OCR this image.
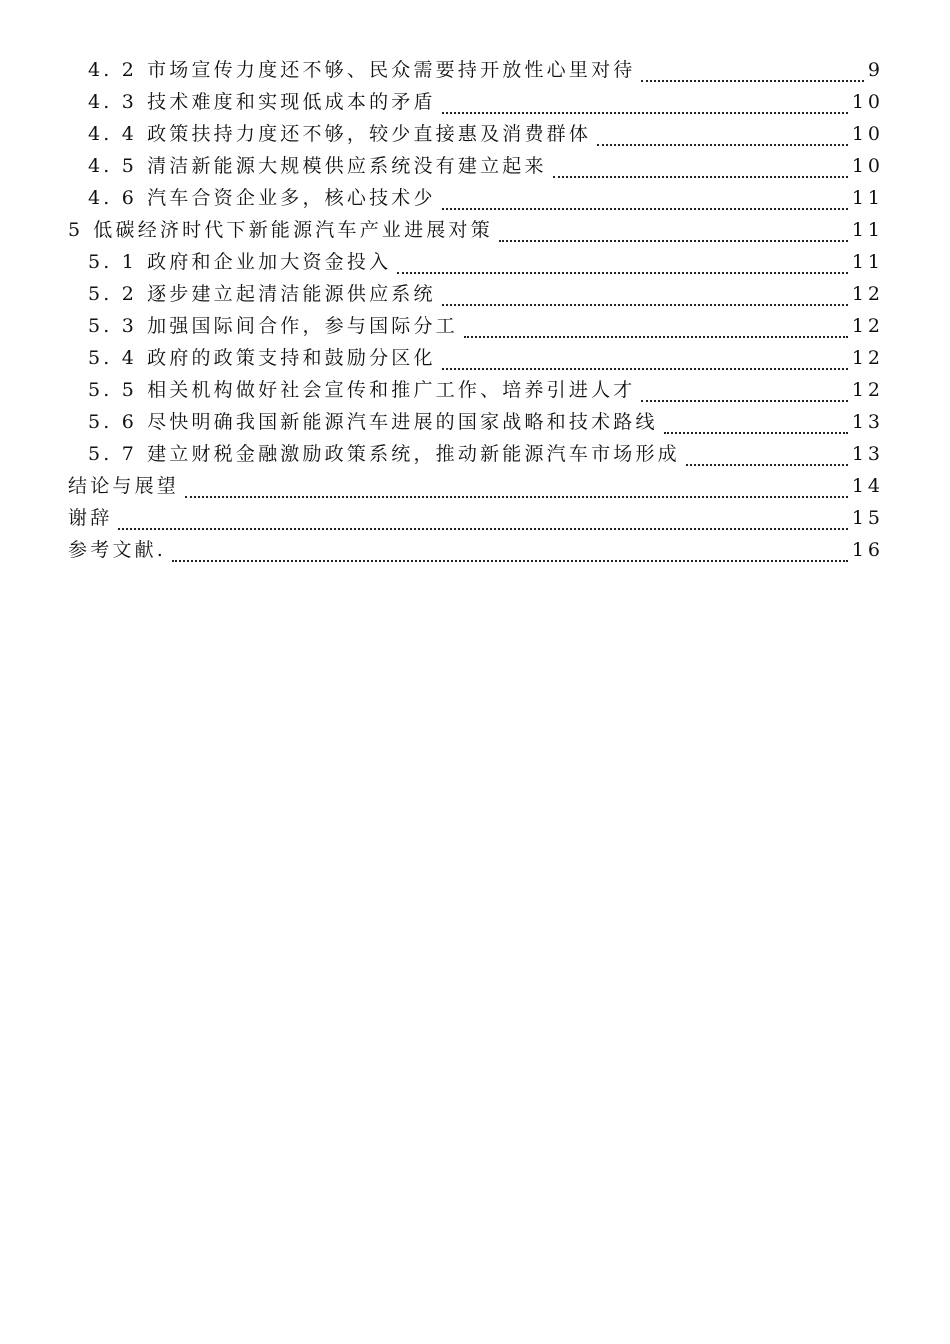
4. 2 市场宣传力度还不够、民众需要持开放性心里对待	9
4. 3 技术难度和实现低成本的矛盾	10
4. 4 政策扶持力度还不够，较少直接惠及消费群体	10
4. 5 清洁新能源大规模供应系统没有建立起来	10
4. 6 汽车合资企业多，核心技术少	11
5 低碳经济时代下新能源汽车产业进展对策	11
5. 1 政府和企业加大资金投入	11
5. 2 逐步建立起清洁能源供应系统	12
5. 3 加强国际间合作，参与国际分工	12
5. 4 政府的政策支持和鼓励分区化	12
5. 5 相关机构做好社会宣传和推广工作、培养引进人才	12
5. 6 尽快明确我国新能源汽车进展的国家战略和技术路线	13
5. 7 建立财税金融激励政策系统，推动新能源汽车市场形成	13
结论与展望	14
谢辞	15
参考文献.	16
